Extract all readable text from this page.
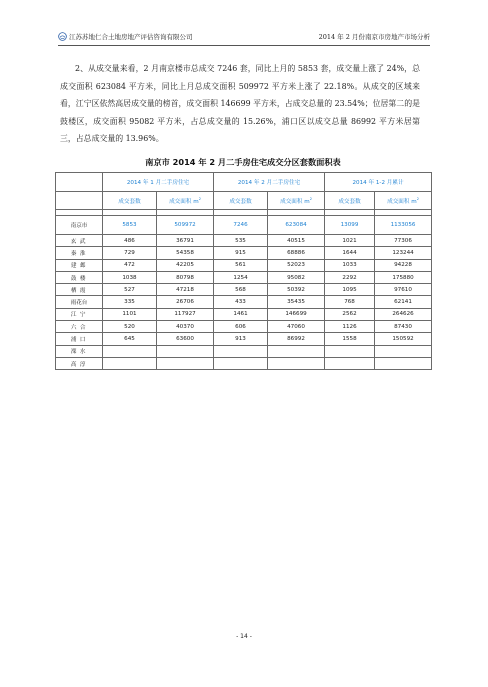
江苏苏地仁合土地房地产评估咨询有限公司	2014 年 2 月份南京市房地产市场分析

2、从成交量来看，2 月南京楼市总成交 7246 套，同比上月的 5853 套，成交量上涨了 24%，总成交面积 623084 平方米，同比上月总成交面积 509972 平方米上涨了 22.18%。从成交的区域来看，江宁区依然高居成交量的榜首，成交面积 146699 平方米，占成交总量的 23.54%；位居第二的是鼓楼区，成交面积 95082 平方米，占总成交量的 15.26%，浦口区以成交总量 86992 平方米居第三，占总成交量的 13.96%。

南京市 2014 年 2 月二手房住宅成交分区套数面积表
	2014 年 1 月二手房住宅		2014 年 2 月二手房住宅		2014 年 1-2 月累计	
	成交套数	成交面积 $m^2$	成交套数	成交面积 $m^2$	成交套数	成交面积 $m^2$

南京市	5853	509972	7246	623084	13099	1133056
玄武	486	36791	535	40515	1021	77306
秦淮	729	54358	915	68886	1644	123244
建邺	472	42205	561	52023	1033	94228
鼓楼	1038	80798	1254	95082	2292	175880
栖霞	527	47218	568	50392	1095	97610
雨花台	335	26706	433	35435	768	62141
江宁	1101	117927	1461	146699	2562	264626
六合	520	40370	606	47060	1126	87430
浦口	645	63600	913	86992	1558	150592
溧水						
高淳						
- 14 -
